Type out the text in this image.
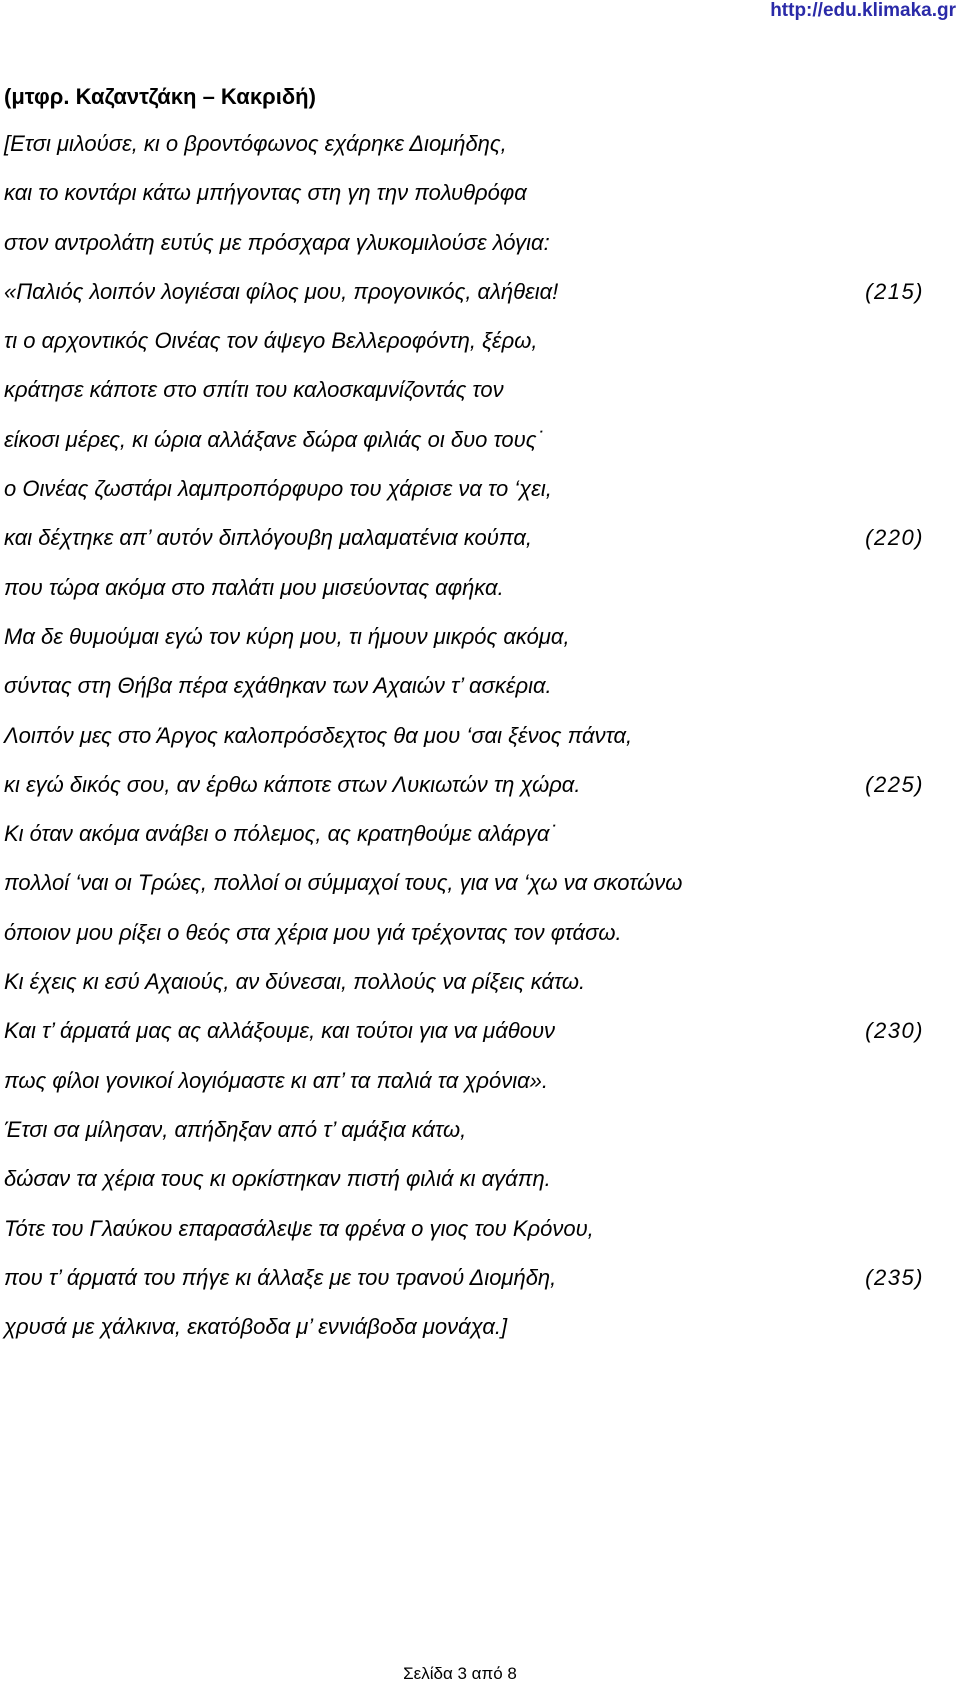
http://edu.klimaka.gr
(μτφρ. Καζαντζάκη – Κακριδή)
[Ετσι μιλούσε, κι ο βροντόφωνος εχάρηκε Διομήδης,
και το κοντάρι κάτω μπήγοντας στη γη την πολυθρόφα
στον αντρολάτη ευτύς με πρόσχαρα γλυκομιλούσε λόγια:
«Παλιός λοιπόν λογιέσαι φίλος μου, προγονικός, αλήθεια!	(215)
τι ο αρχοντικός Οινέας τον άψεγο Βελλεροφόντη, ξέρω,
κράτησε κάποτε στο σπίτι του καλοσκαμνίζοντάς τον
είκοσι μέρες, κι ώρια αλλάξανε δώρα φιλιάς οι δυο τους˙
ο Οινέας ζωστάρι λαμπροπόρφυρο του χάρισε να το ‘χει,
και δέχτηκε απ’ αυτόν διπλόγουβη μαλαματένια κούπα,	(220)
που τώρα ακόμα στο παλάτι μου μισεύοντας αφήκα.
Μα δε θυμούμαι εγώ τον κύρη μου, τι ήμουν μικρός ακόμα,
σύντας στη Θήβα πέρα εχάθηκαν των Αχαιών τ’ ασκέρια.
Λοιπόν μες στο Άργος καλοπρόσδεχτος θα μου ‘σαι ξένος πάντα,
κι εγώ δικός σου, αν έρθω κάποτε στων Λυκιωτών τη χώρα.	(225)
Κι όταν ακόμα ανάβει ο πόλεμος, ας κρατηθούμε αλάργα˙
πολλοί ‘ναι οι Τρώες, πολλοί οι σύμμαχοί τους, για να ‘χω να σκοτώνω
όποιον μου ρίξει ο θεός στα χέρια μου γιά τρέχοντας τον φτάσω.
Κι έχεις κι εσύ Αχαιούς, αν δύνεσαι, πολλούς να ρίξεις κάτω.
Και τ’ άρματά μας ας αλλάξουμε, και τούτοι για να μάθουν	(230)
πως φίλοι γονικοί λογιόμαστε κι απ’ τα παλιά τα χρόνια».
Έτσι σα μίλησαν, απήδηξαν από τ’ αμάξια κάτω,
δώσαν τα χέρια τους κι ορκίστηκαν πιστή φιλιά κι αγάπη.
Τότε του Γλαύκου επαρασάλεψε τα φρένα ο γιος του Κρόνου,
που τ’ άρματά του πήγε κι άλλαξε με του τρανού Διομήδη,	(235)
χρυσά με χάλκινα, εκατόβοδα μ’ εννιάβοδα μονάχα.]
Σελίδα 3 από 8
